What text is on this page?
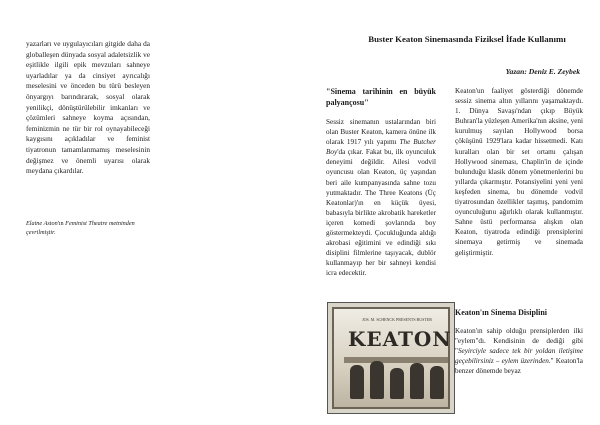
yazarları ve uygulayıcıları gitgide daha da globalleşen dünyada sosyal adaletsizlik ve eşitlikle ilgili epik mevzuları sahneye uyarladılar ya da cinsiyet ayrıcalığı meselesini ve önceden bu türü besleyen önyargıyı barındırarak, sosyal olarak yenilikçi, dönüştürülebilir imkanları ve çözümleri sahneye koyma açısından, feminizmin ne tür bir rol oynayabileceği kaygısını açıkladılar ve feminist tiyatronun tamamlanmamış meselesinin değişmez ve önemli uyarısı olarak meydana çıkardılar.

Elaine Aston'ın Feminist Theatre metninden çevrilmiştir.
Buster Keaton Sinemasında Fiziksel İfade Kullanımı
Yazan: Deniz E. Zeybek

"Sinema tarihinin en büyük palyançosu"

Sessiz sinemanın ustalarından biri olan Buster Keaton, kamera önüne ilk olarak 1917 yılı yapımı The Butcher Boy'da çıkar. Fakat bu, ilk oyunculuk deneyimi değildir. Ailesi vodvil oyuncusu olan Keaton, üç yaşından beri aile kumpanyasında sahne tozu yutmaktadır. The Three Keatons (Üç Keatonlar)'ın en küçük üyesi, babasıyla birlikte akrobatik hareketler içeren komedi şovlarında boy göstermekteydi. Çocukluğunda aldığı akrobasi eğitimini ve edindiği sıkı disiplini filmlerine taşıyacak, dublör kullanmayıp her bir sahneyi kendisi icra edecektir.

Keaton'un faaliyet gösterdiği dönemde sessiz sinema altın yıllarını yaşamaktaydı. 1. Dünya Savaşı'ndan çıkıp Büyük Buhran'la yüzleşen Amerika'nın aksine, yeni kurulmuş sayılan Hollywood borsa çöküşünü 1929'lara kadar hissetmedi. Katı kuralları olan bir set ortamı çalışan Hollywood sineması, Chaplin'in de içinde bulunduğu klasik dönem yönetmenlerini bu yıllarda çıkarmıştır. Potansiyelini yeni yeni keşfeden sinema, bu dönemde vodvil tiyatrosundan özellikler taşımış, pandomim oyunculuğunu ağırlıklı olarak kullanmıştır. Sahne üstü performansa alışkın olan Keaton, tiyatroda edindiği prensiplerini sinemaya getirmiş ve sinemada geliştirmiştir.

Keaton'ın Sinema Disiplini

Keaton'ın sahip olduğu prensiplerden ilki "eylem"dı. Kendisinin de dediği gibi "Seyirciyle sadece tek bir yoldan iletişime geçebilirsiniz – eylem üzerinden." Keaton'la benzer dönemde beyaz

JOS. M. SCHENCK PRESENTS BUSTER
KEATON
